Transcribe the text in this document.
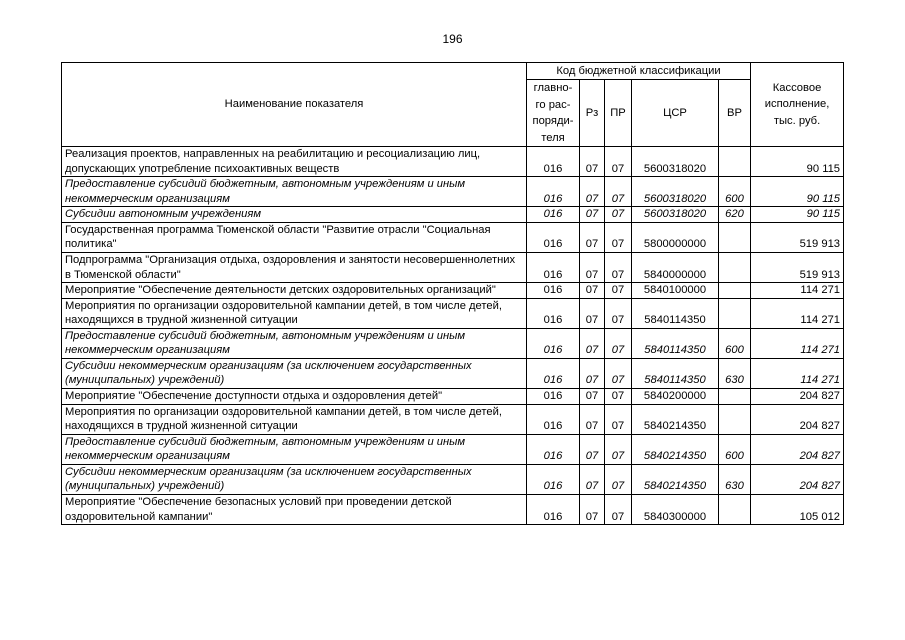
196
Наименование показателя	Код бюджетной классификации					Кассовое исполнение, тыс. руб.
	главно-го рас-поряди-теля	Рз	ПР	ЦСР	ВР	
Реализация проектов, направленных на реабилитацию и ресоциализацию лиц, допускающих употребление психоактивных веществ	016	07	07	5600318020		90 115
Предоставление субсидий бюджетным, автономным учреждениям и иным некоммерческим организациям	016	07	07	5600318020	600	90 115
Субсидии автономным учреждениям	016	07	07	5600318020	620	90 115
Государственная программа Тюменской области "Развитие отрасли "Социальная политика"	016	07	07	5800000000		519 913
Подпрограмма "Организация отдыха, оздоровления и занятости несовершеннолетних в Тюменской области"	016	07	07	5840000000		519 913
Мероприятие "Обеспечение деятельности детских оздоровительных организаций"	016	07	07	5840100000		114 271
Мероприятия по организации оздоровительной кампании детей, в том числе детей, находящихся в трудной жизненной ситуации	016	07	07	5840114350		114 271
Предоставление субсидий бюджетным, автономным учреждениям и иным некоммерческим организациям	016	07	07	5840114350	600	114 271
Субсидии некоммерческим организациям (за исключением государственных (муниципальных) учреждений)	016	07	07	5840114350	630	114 271
Мероприятие "Обеспечение доступности отдыха и оздоровления детей"	016	07	07	5840200000		204 827
Мероприятия по организации оздоровительной кампании детей, в том числе детей, находящихся в трудной жизненной ситуации	016	07	07	5840214350		204 827
Предоставление субсидий бюджетным, автономным учреждениям и иным некоммерческим организациям	016	07	07	5840214350	600	204 827
Субсидии некоммерческим организациям (за исключением государственных (муниципальных) учреждений)	016	07	07	5840214350	630	204 827
Мероприятие "Обеспечение безопасных условий при проведении детской оздоровительной кампании"	016	07	07	5840300000		105 012
